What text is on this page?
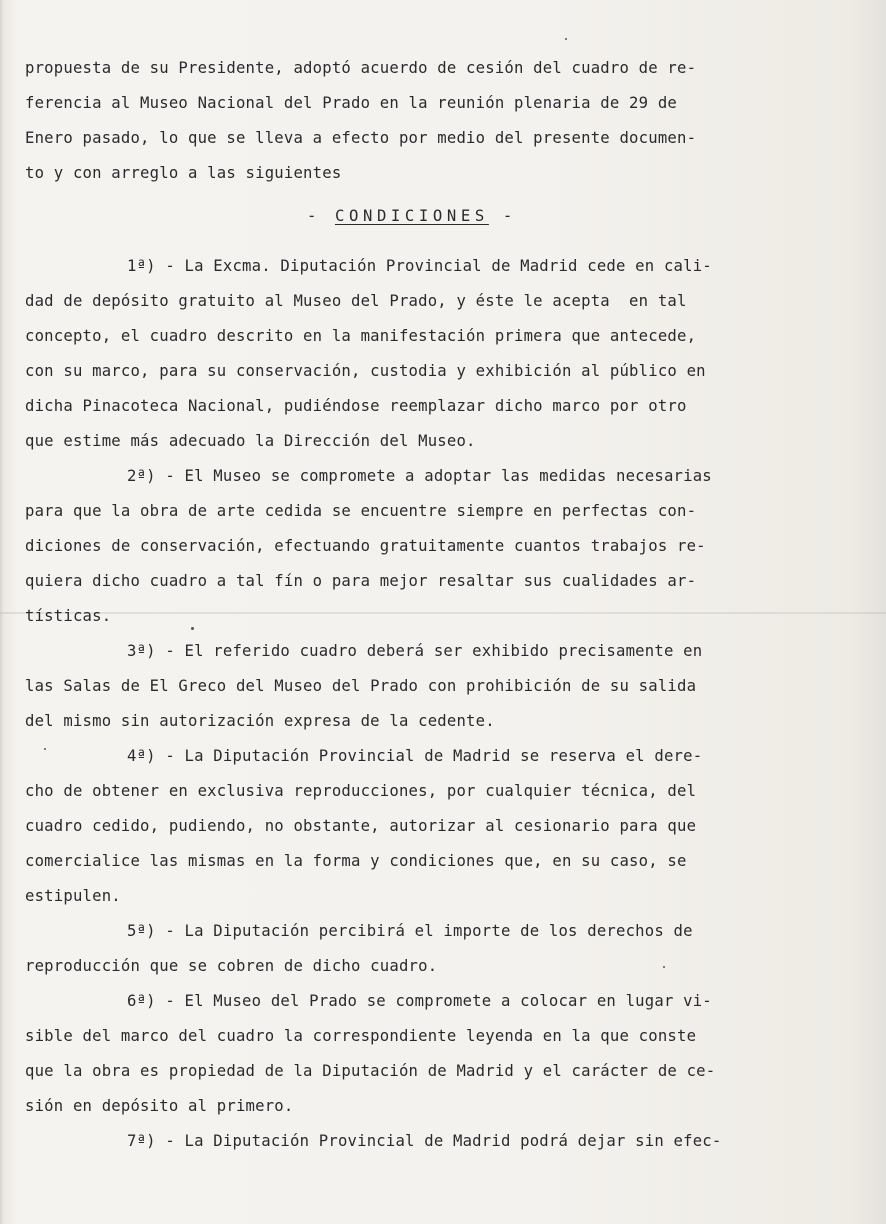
propuesta de su Presidente, adoptó acuerdo de cesión del cuadro de re-
ferencia al Museo Nacional del Prado en la reunión plenaria de 29 de
Enero pasado, lo que se lleva a efecto por medio del presente documen-
to y con arreglo a las siguientes
- CONDICIONES -
1ª) - La Excma. Diputación Provincial de Madrid cede en cali-
dad de depósito gratuito al Museo del Prado, y éste le acepta  en tal
concepto, el cuadro descrito en la manifestación primera que antecede,
con su marco, para su conservación, custodia y exhibición al público en
dicha Pinacoteca Nacional, pudiéndose reemplazar dicho marco por otro
que estime más adecuado la Dirección del Museo.
2ª) - El Museo se compromete a adoptar las medidas necesarias
para que la obra de arte cedida se encuentre siempre en perfectas con-
diciones de conservación, efectuando gratuitamente cuantos trabajos re-
quiera dicho cuadro a tal fín o para mejor resaltar sus cualidades ar-
tísticas.
3ª) - El referido cuadro deberá ser exhibido precisamente en
las Salas de El Greco del Museo del Prado con prohibición de su salida
del mismo sin autorización expresa de la cedente.
4ª) - La Diputación Provincial de Madrid se reserva el dere-
cho de obtener en exclusiva reproducciones, por cualquier técnica, del
cuadro cedido, pudiendo, no obstante, autorizar al cesionario para que
comercialice las mismas en la forma y condiciones que, en su caso, se
estipulen.
5ª) - La Diputación percibirá el importe de los derechos de
reproducción que se cobren de dicho cuadro.
6ª) - El Museo del Prado se compromete a colocar en lugar vi-
sible del marco del cuadro la correspondiente leyenda en la que conste
que la obra es propiedad de la Diputación de Madrid y el carácter de ce-
sión en depósito al primero.
7ª) - La Diputación Provincial de Madrid podrá dejar sin efec-
